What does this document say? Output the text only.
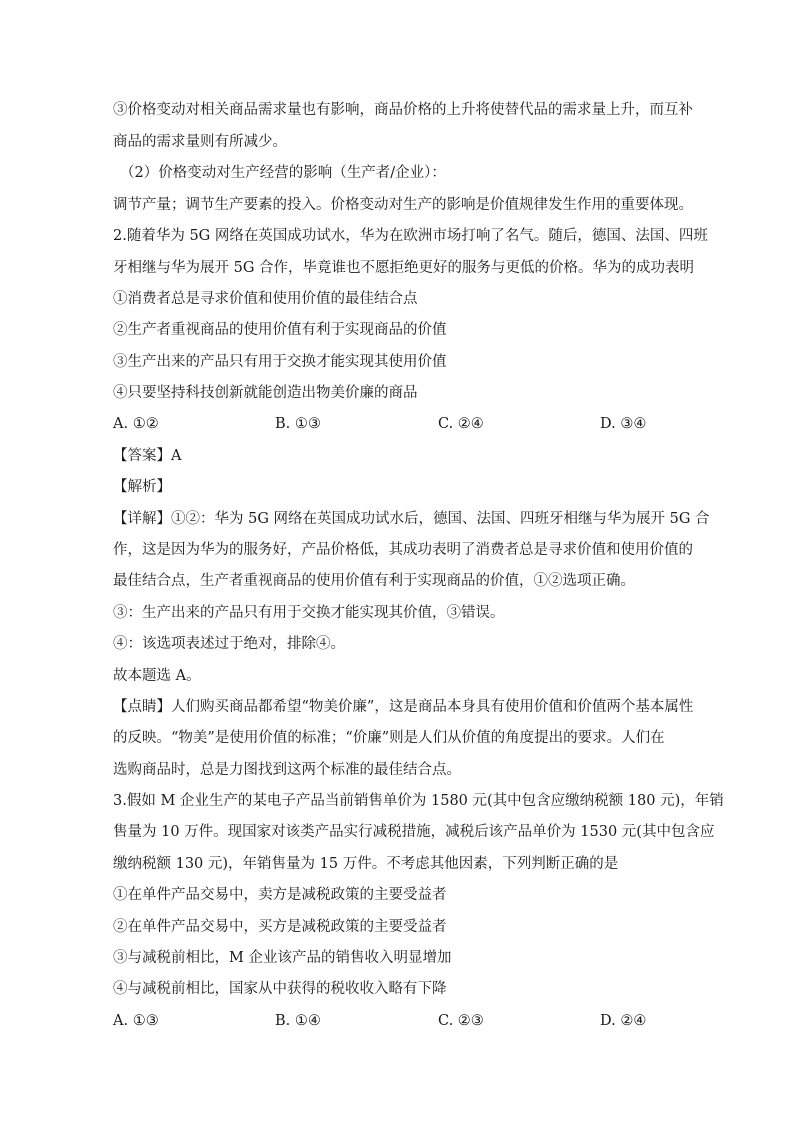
③价格变动对相关商品需求量也有影响，商品价格的上升将使替代品的需求量上升，而互补
商品的需求量则有所减少。
（2）价格变动对生产经营的影响（生产者/企业）：
调节产量；调节生产要素的投入。价格变动对生产的影响是价值规律发生作用的重要体现。
2.随着华为 5G 网络在英国成功试水，华为在欧洲市场打响了名气。随后，德国、法国、四班
牙相继与华为展开 5G 合作，毕竟谁也不愿拒绝更好的服务与更低的价格。华为的成功表明
①消费者总是寻求价值和使用价值的最佳结合点
②生产者重视商品的使用价值有利于实现商品的价值
③生产出来的产品只有用于交换才能实现其使用价值
④只要坚持科技创新就能创造出物美价廉的商品
A. ①②	B. ①③	C. ②④	D. ③④
【答案】A
【解析】
【详解】①②：华为 5G 网络在英国成功试水后，德国、法国、四班牙相继与华为展开 5G 合
作，这是因为华为的服务好，产品价格低，其成功表明了消费者总是寻求价值和使用价值的
最佳结合点，生产者重视商品的使用价值有利于实现商品的价值，①②选项正确。
③：生产出来的产品只有用于交换才能实现其价值，③错误。
④：该选项表述过于绝对，排除④。
故本题选 A。
【点睛】人们购买商品都希望“物美价廉”，这是商品本身具有使用价值和价值两个基本属性
的反映。“物美”是使用价值的标准；“价廉”则是人们从价值的角度提出的要求。人们在
选购商品时，总是力图找到这两个标准的最佳结合点。
3.假如 M 企业生产的某电子产品当前销售单价为 1580 元(其中包含应缴纳税额 180 元)，年销
售量为 10 万件。现国家对该类产品实行减税措施，减税后该产品单价为 1530 元(其中包含应
缴纳税额 130 元)，年销售量为 15 万件。不考虑其他因素，下列判断正确的是
①在单件产品交易中，卖方是减税政策的主要受益者
②在单件产品交易中，买方是减税政策的主要受益者
③与减税前相比，M 企业该产品的销售收入明显增加
④与减税前相比，国家从中获得的税收收入略有下降
A. ①③	B. ①④	C. ②③	D. ②④
